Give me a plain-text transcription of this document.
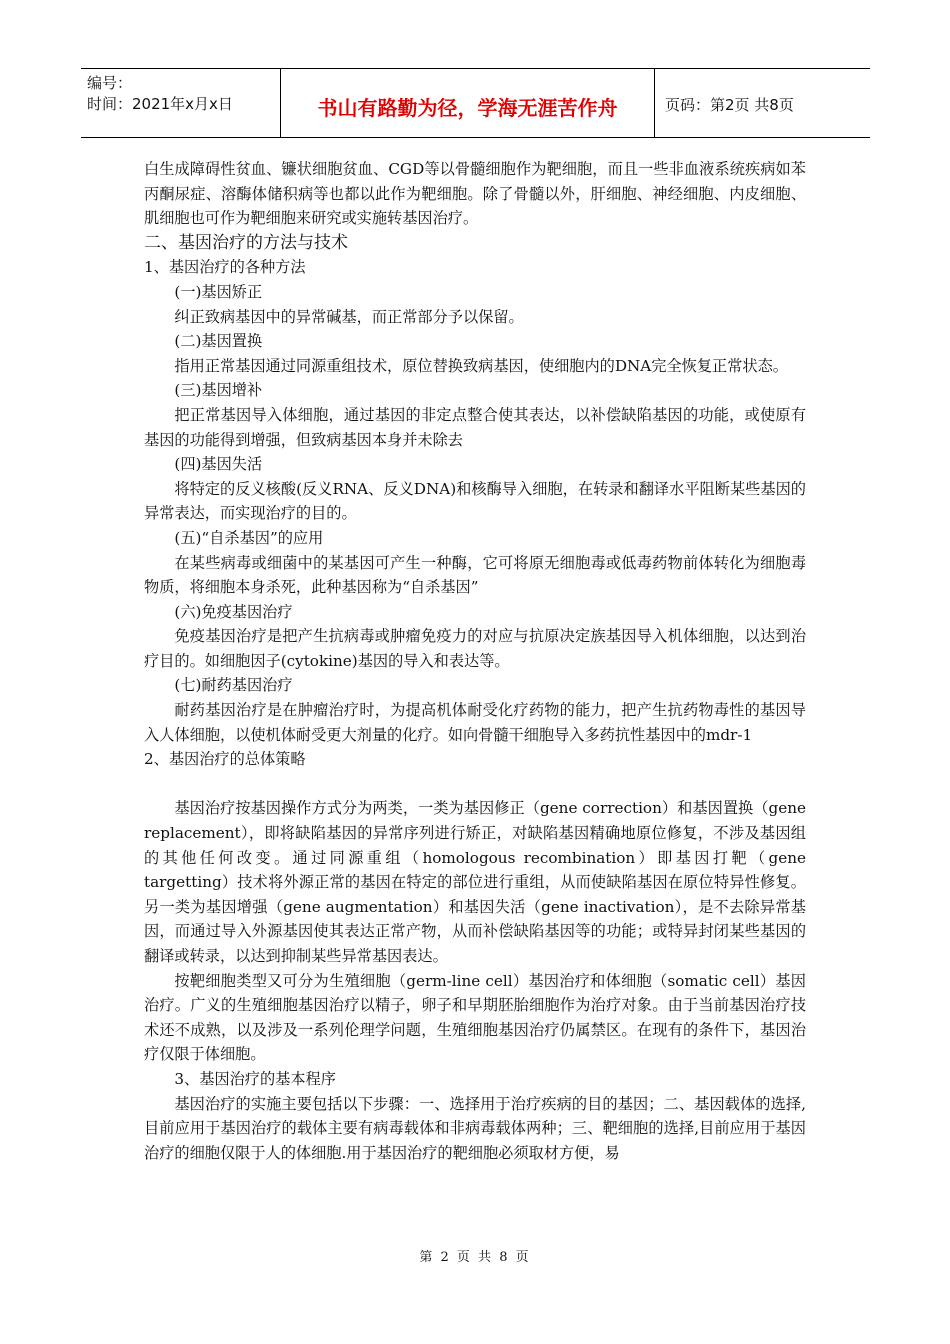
编号：
时间：2021年x月x日	书山有路勤为径，学海无涯苦作舟	页码：第2页 共8页

白生成障碍性贫血、镰状细胞贫血、CGD等以骨髓细胞作为靶细胞，而且一些非血液系统疾病如苯丙酮尿症、溶酶体储积病等也都以此作为靶细胞。除了骨髓以外，肝细胞、神经细胞、内皮细胞、肌细胞也可作为靶细胞来研究或实施转基因治疗。

二、基因治疗的方法与技术

1、基因治疗的各种方法

(一)基因矫正

纠正致病基因中的异常碱基，而正常部分予以保留。

(二)基因置换

指用正常基因通过同源重组技术，原位替换致病基因，使细胞内的DNA完全恢复正常状态。

(三)基因增补

把正常基因导入体细胞，通过基因的非定点整合使其表达，以补偿缺陷基因的功能，或使原有基因的功能得到增强，但致病基因本身并未除去

(四)基因失活

将特定的反义核酸(反义RNA、反义DNA)和核酶导入细胞，在转录和翻译水平阻断某些基因的异常表达，而实现治疗的目的。

(五)“自杀基因”的应用

在某些病毒或细菌中的某基因可产生一种酶，它可将原无细胞毒或低毒药物前体转化为细胞毒物质，将细胞本身杀死，此种基因称为“自杀基因”

(六)免疫基因治疗

免疫基因治疗是把产生抗病毒或肿瘤免疫力的对应与抗原决定族基因导入机体细胞，以达到治疗目的。如细胞因子(cytokine)基因的导入和表达等。

(七)耐药基因治疗

耐药基因治疗是在肿瘤治疗时，为提高机体耐受化疗药物的能力，把产生抗药物毒性的基因导入人体细胞，以使机体耐受更大剂量的化疗。如向骨髓干细胞导入多药抗性基因中的mdr-1

2、基因治疗的总体策略

基因治疗按基因操作方式分为两类，一类为基因修正（gene correction）和基因置换（gene replacement），即将缺陷基因的异常序列进行矫正，对缺陷基因精确地原位修复，不涉及基因组的其他任何改变。通过同源重组（homologous recombination）即基因打靶（gene targetting）技术将外源正常的基因在特定的部位进行重组，从而使缺陷基因在原位特异性修复。另一类为基因增强（gene augmentation）和基因失活（gene inactivation），是不去除异常基因，而通过导入外源基因使其表达正常产物，从而补偿缺陷基因等的功能；或特异封闭某些基因的翻译或转录，以达到抑制某些异常基因表达。

按靶细胞类型又可分为生殖细胞（germ-line cell）基因治疗和体细胞（somatic cell）基因治疗。广义的生殖细胞基因治疗以精子，卵子和早期胚胎细胞作为治疗对象。由于当前基因治疗技术还不成熟，以及涉及一系列伦理学问题，生殖细胞基因治疗仍属禁区。在现有的条件下，基因治疗仅限于体细胞。

3、基因治疗的基本程序

基因治疗的实施主要包括以下步骤：一、选择用于治疗疾病的目的基因；二、基因载体的选择,目前应用于基因治疗的载体主要有病毒载体和非病毒载体两种；三、靶细胞的选择,目前应用于基因治疗的细胞仅限于人的体细胞.用于基因治疗的靶细胞必须取材方便，易

第 2 页 共 8 页
